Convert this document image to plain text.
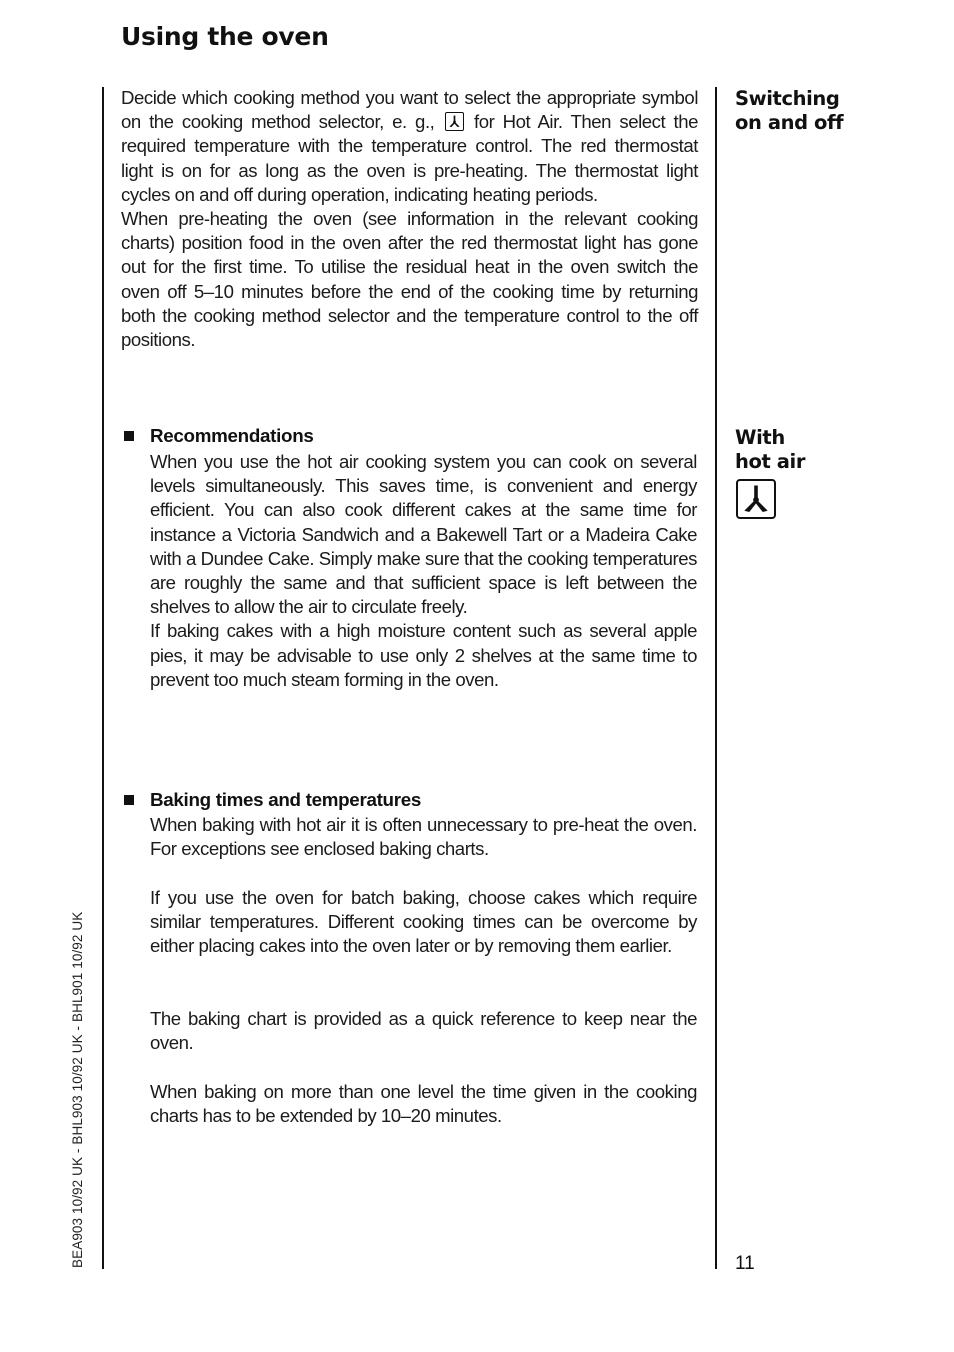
Using the oven
BEA903 10/92 UK - BHL903 10/92 UK - BHL901 10/92 UK
Decide which cooking method you want to select the appropriate symbol on the cooking method selector, e. g., for Hot Air. Then select the required temperature with the temperature control. The red thermostat light is on for as long as the oven is pre-heating. The thermostat light cycles on and off during operation, indicating heating periods.
When pre-heating the oven (see information in the relevant cooking charts) position food in the oven after the red thermostat light has gone out for the first time. To utilise the residual heat in the oven switch the oven off 5–10 minutes before the end of the cooking time by returning both the cooking method selector and the temperature control to the off positions.
Recommendations
When you use the hot air cooking system you can cook on several levels simultaneously. This saves time, is convenient and energy efficient. You can also cook different cakes at the same time for instance a Victoria Sandwich and a Bakewell Tart or a Madeira Cake with a Dundee Cake. Simply make sure that the cooking temperatures are roughly the same and that sufficient space is left between the shelves to allow the air to circulate freely.
If baking cakes with a high moisture content such as several apple pies, it may be advisable to use only 2 shelves at the same time to prevent too much steam forming in the oven.
Baking times and temperatures
When baking with hot air it is often unnecessary to pre-heat the oven. For exceptions see enclosed baking charts.
If you use the oven for batch baking, choose cakes which require similar temperatures. Different cooking times can be overcome by either placing cakes into the oven later or by removing them earlier.
The baking chart is provided as a quick reference to keep near the oven.
When baking on more than one level the time given in the cooking charts has to be extended by 10–20 minutes.
Switching
on and off
With
hot air
11
